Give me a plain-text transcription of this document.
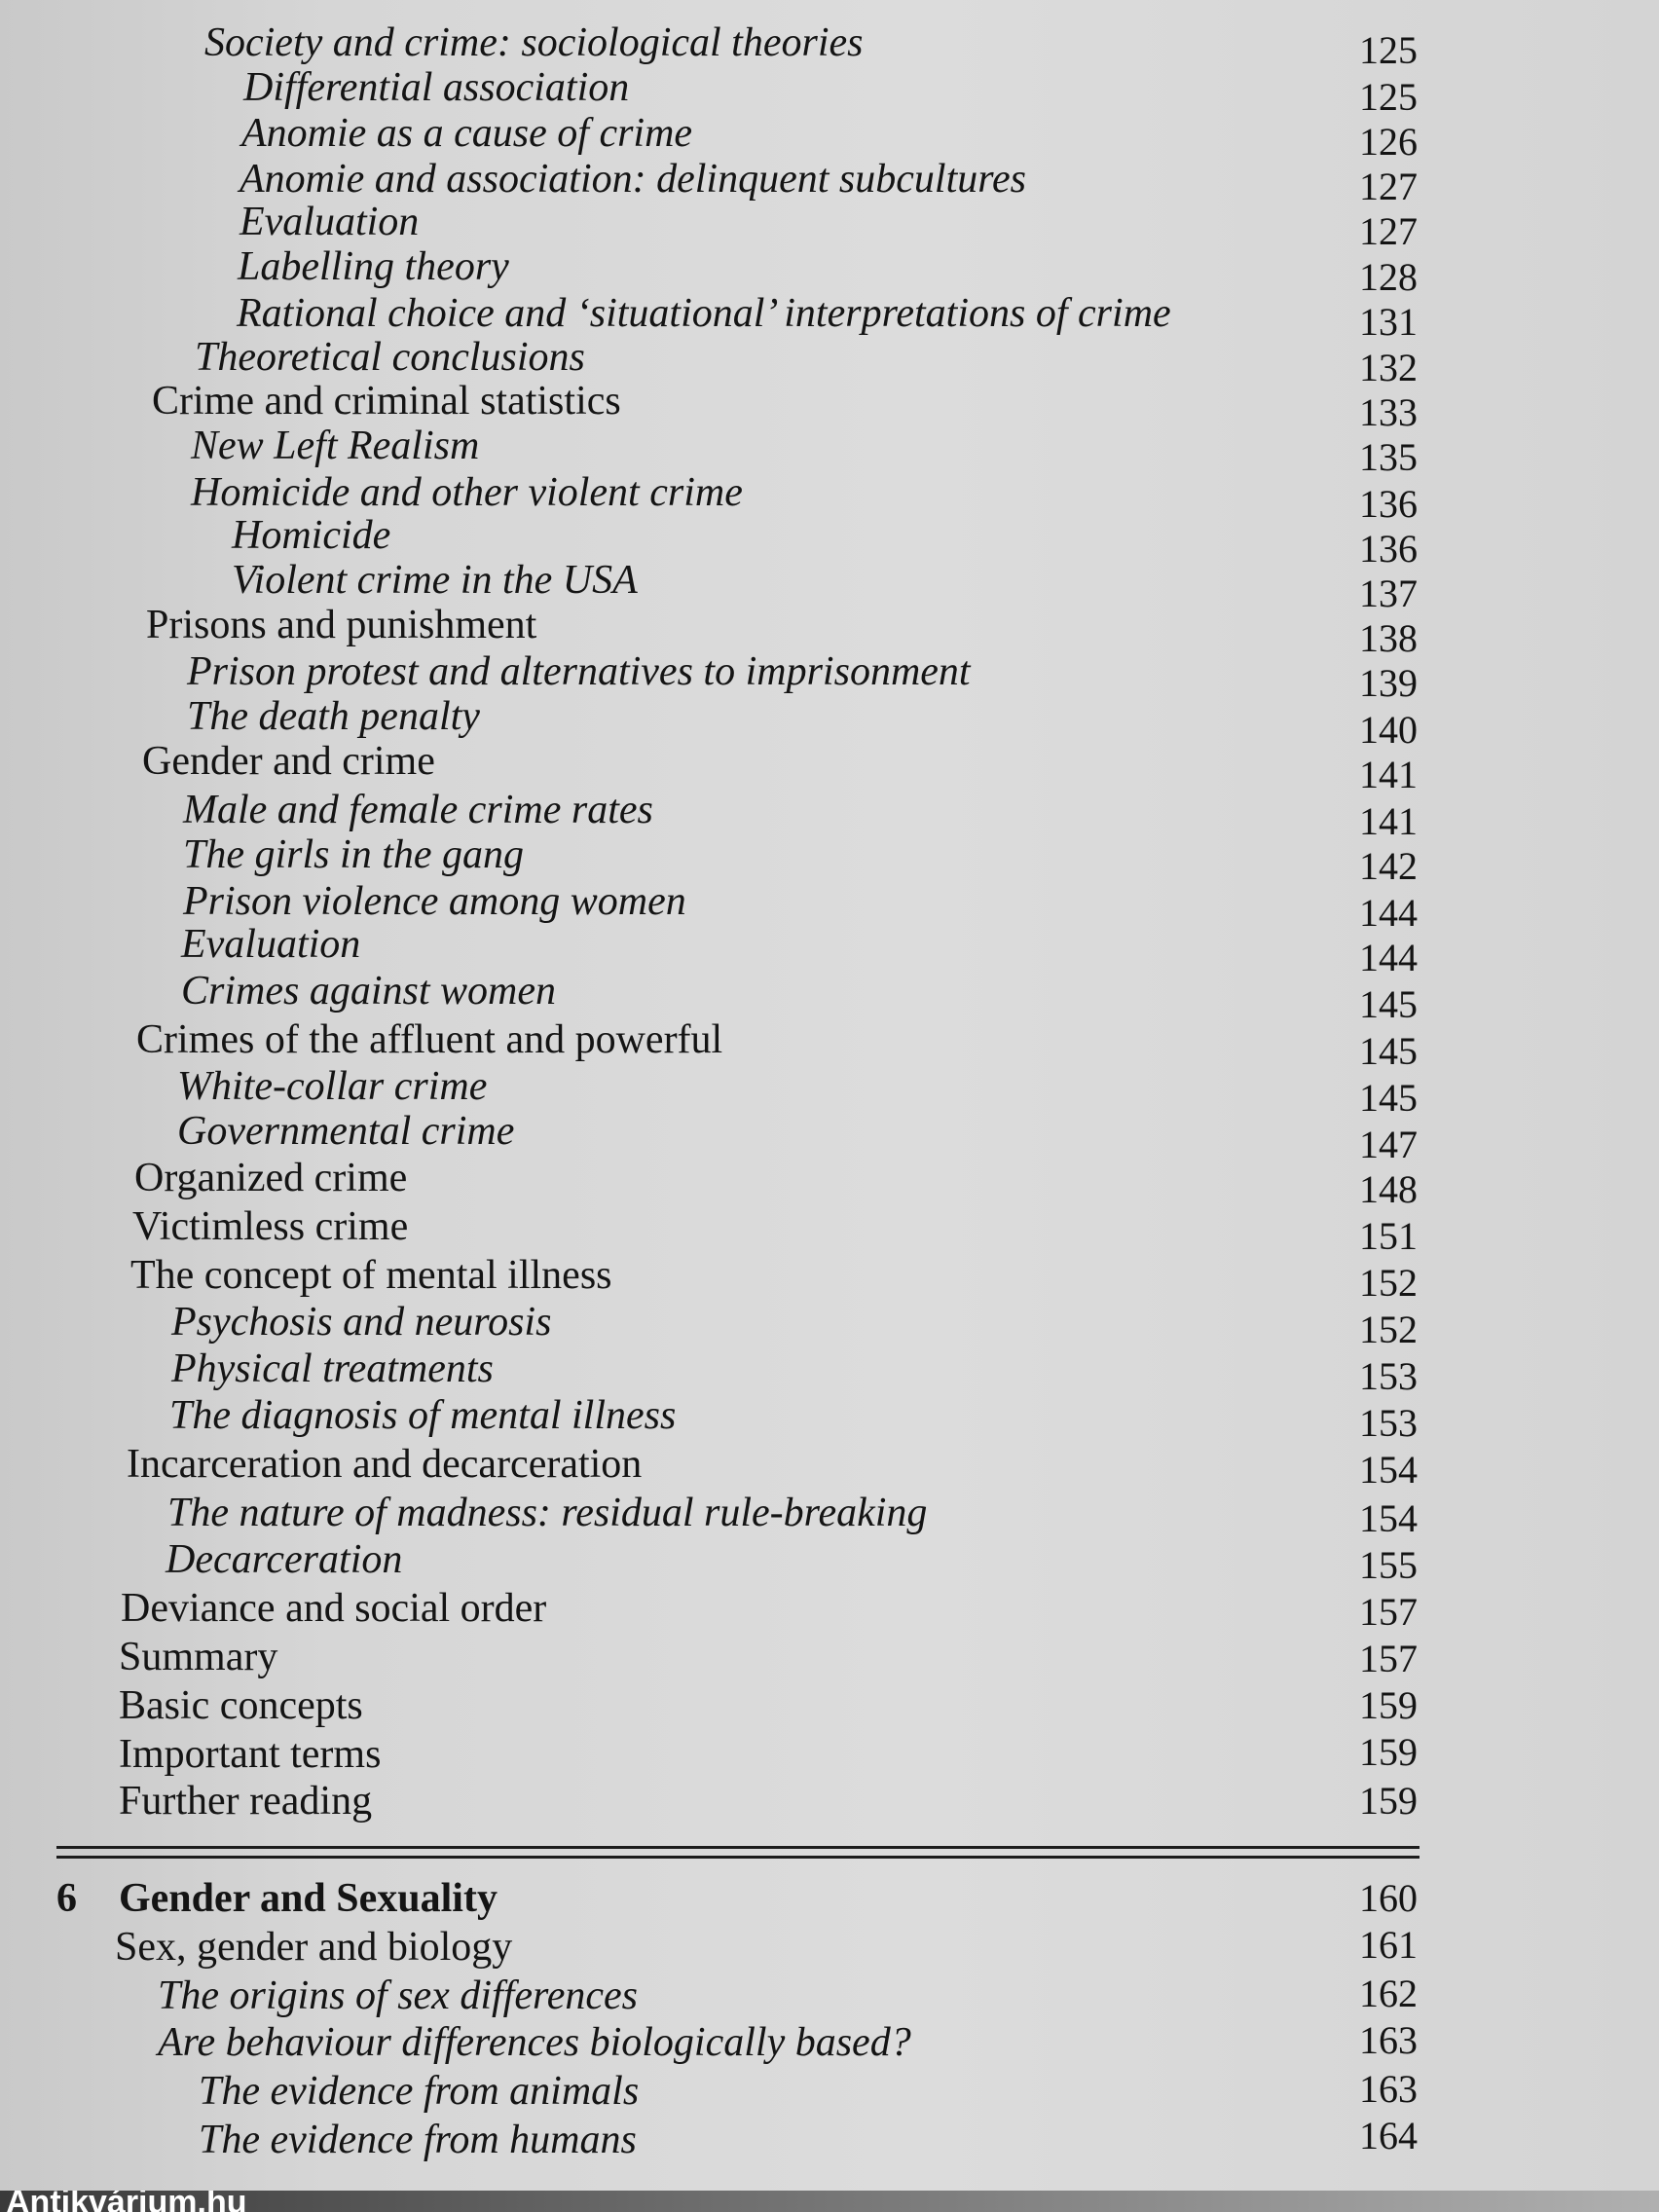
Society and crime: sociological theories	125
Differential association	125
Anomie as a cause of crime	126
Anomie and association: delinquent subcultures	127
Evaluation	127
Labelling theory	128
Rational choice and ‘situational’ interpretations of crime	131
Theoretical conclusions	132
Crime and criminal statistics	133
New Left Realism	135
Homicide and other violent crime	136
Homicide	136
Violent crime in the USA	137
Prisons and punishment	138
Prison protest and alternatives to imprisonment	139
The death penalty	140
Gender and crime	141
Male and female crime rates	141
The girls in the gang	142
Prison violence among women	144
Evaluation	144
Crimes against women	145
Crimes of the affluent and powerful	145
White-collar crime	145
Governmental crime	147
Organized crime	148
Victimless crime	151
The concept of mental illness	152
Psychosis and neurosis	152
Physical treatments	153
The diagnosis of mental illness	153
Incarceration and decarceration	154
The nature of madness: residual rule-breaking	154
Decarceration	155
Deviance and social order	157
Summary	157
Basic concepts	159
Important terms	159
Further reading	159
6 Gender and Sexuality	160
Sex, gender and biology	161
The origins of sex differences	162
Are behaviour differences biologically based?	163
The evidence from animals	163
The evidence from humans	164
Antikvárium.hu
